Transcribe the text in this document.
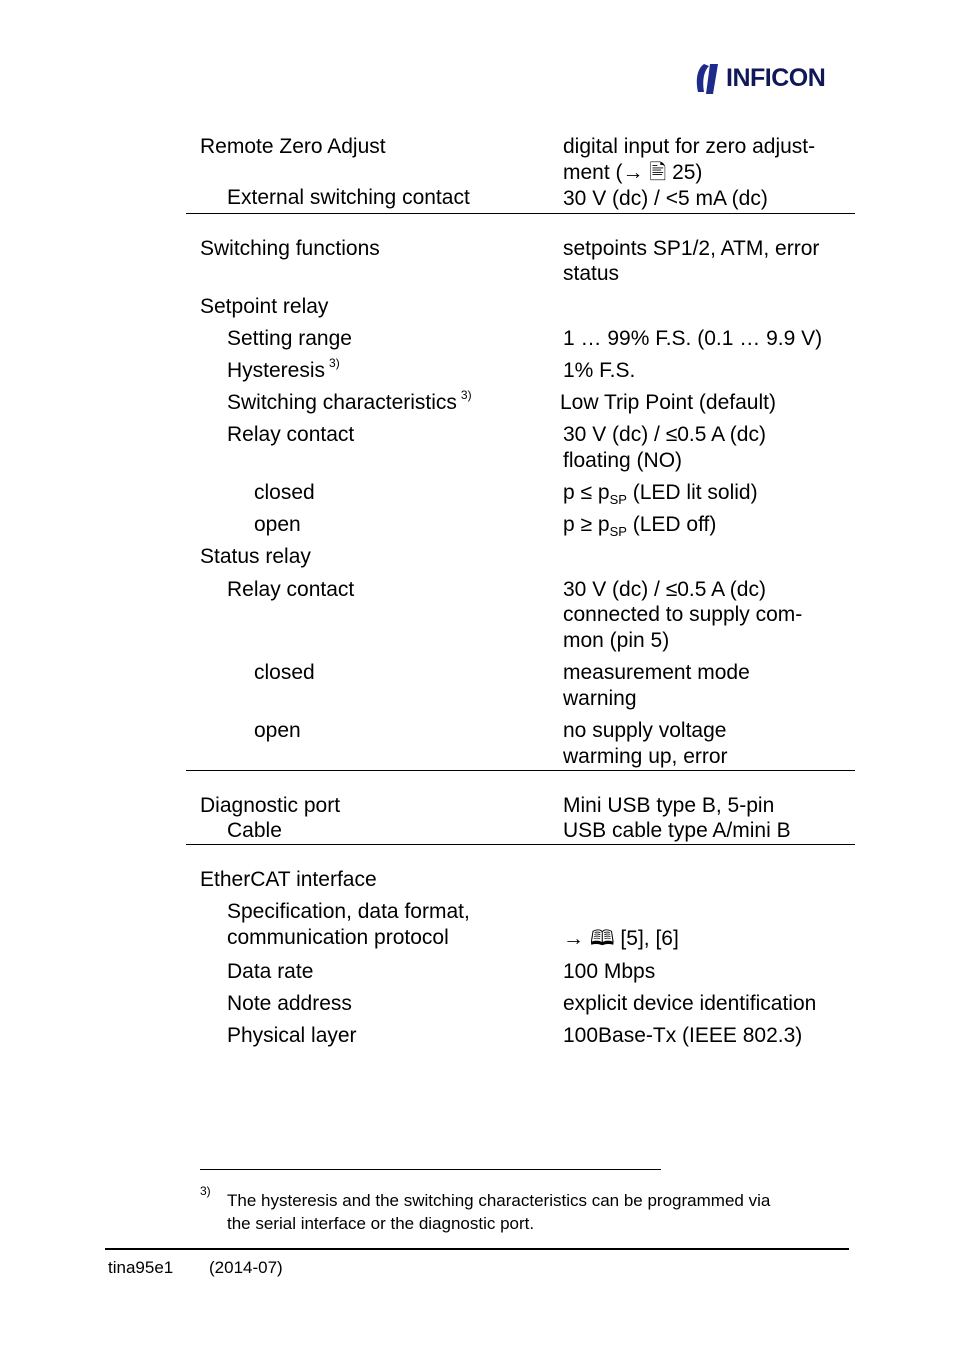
INFICON
Remote Zero Adjust	digital input for zero adjust-
ment (→ 🖹 25)
External switching contact	30 V (dc) / <5 mA (dc)
Switching functions	setpoints SP1/2, ATM, error
status
Setpoint relay
Setting range	1 … 99% F.S. (0.1 … 9.9 V)
Hysteresis $^{3)}$	1% F.S.
Switching characteristics $^{3)}$	Low Trip Point (default)
Relay contact	30 V (dc) / ≤0.5 A (dc)
floating (NO)
closed	$p \le p_{SP}$ (LED lit solid)
open	$p \ge p_{SP}$ (LED off)
Status relay
Relay contact	30 V (dc) / ≤0.5 A (dc)
connected to supply com-
mon (pin 5)
closed	measurement mode
warning
open	no supply voltage
warming up, error
Diagnostic port	Mini USB type B, 5-pin
Cable	USB cable type A/mini B
EtherCAT interface
Specification, data format,
communication protocol	→ 🕮 [5], [6]
Data rate	100 Mbps
Note address	explicit device identification
Physical layer	100Base-Tx (IEEE 802.3)
3) The hysteresis and the switching characteristics can be programmed via
the serial interface or the diagnostic port.
tina95e1 (2014-07)
